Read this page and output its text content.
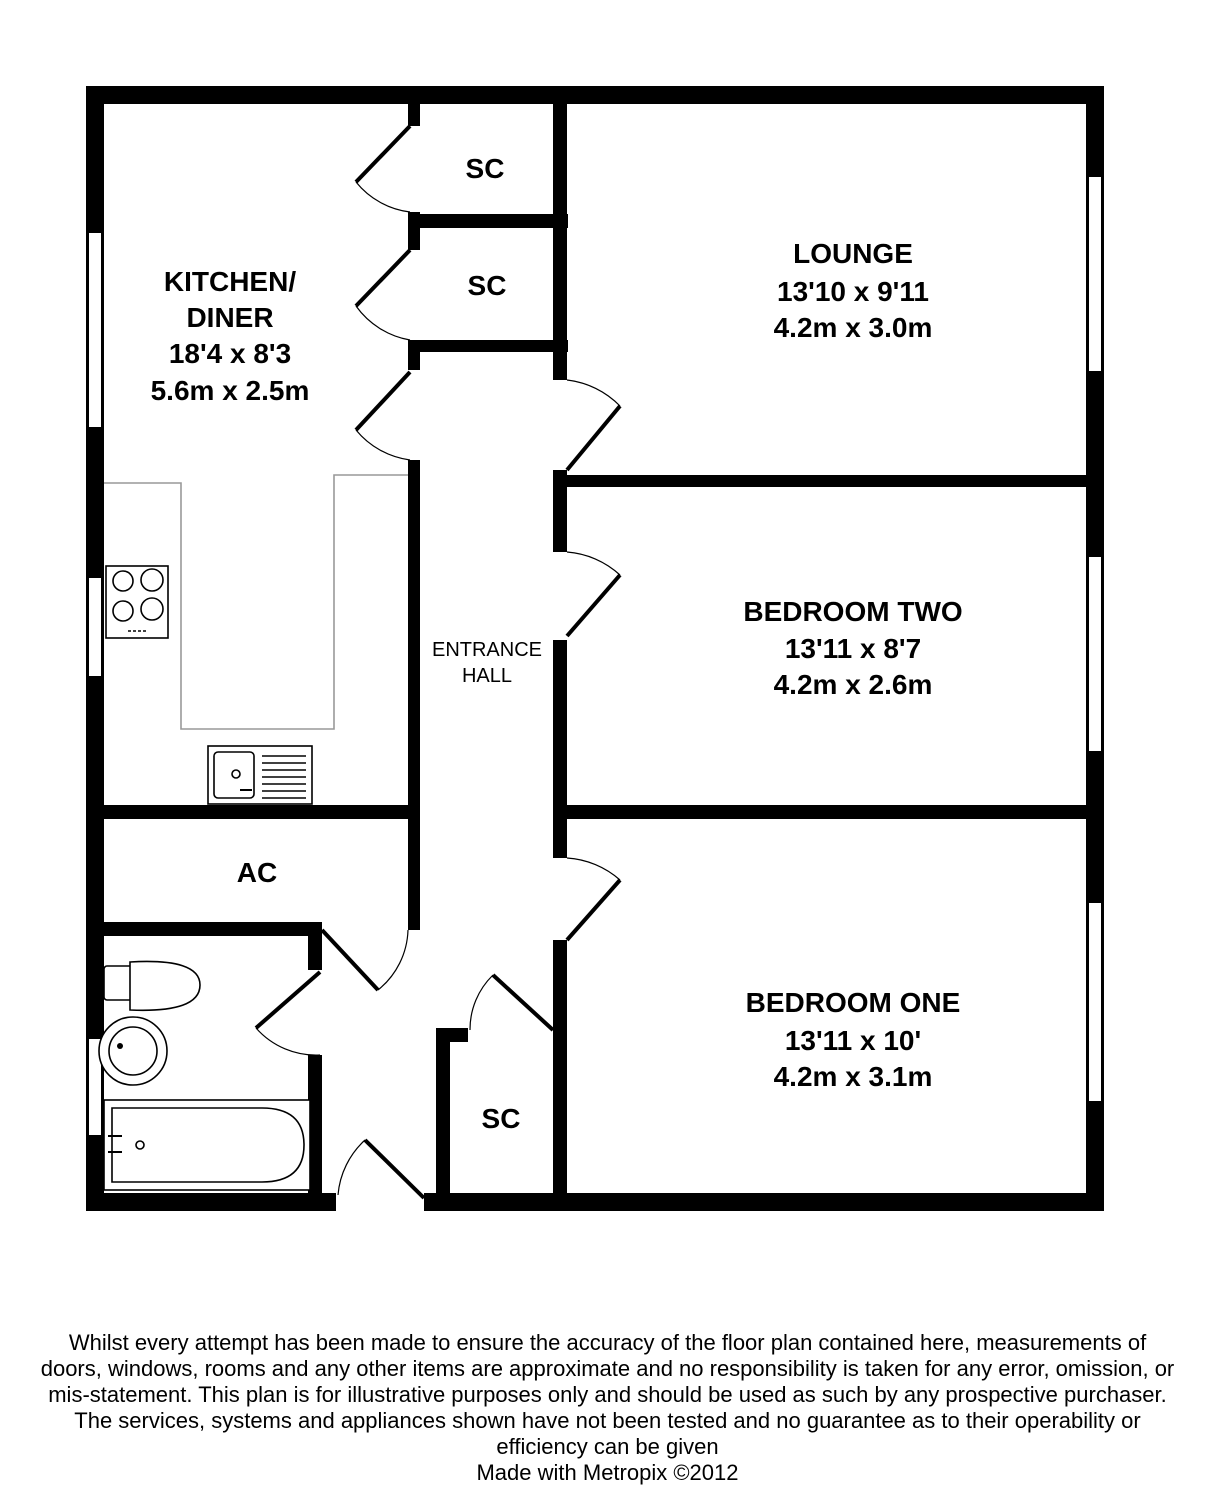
KITCHEN/
DINER
18'4 x 8'3
5.6m x 2.5m
SC
SC
SC
AC
LOUNGE
13'10 x 9'11
4.2m x 3.0m
BEDROOM TWO
13'11 x 8'7
4.2m x 2.6m
BEDROOM ONE
13'11 x 10'
4.2m x 3.1m
ENTRANCE
HALL

Whilst every attempt has been made to ensure the accuracy of the floor plan contained here, measurements of doors, windows, rooms and any other items are approximate and no responsibility is taken for any error, omission, or mis-statement. This plan is for illustrative purposes only and should be used as such by any prospective purchaser. The services, systems and appliances shown have not been tested and no guarantee as to their operability or efficiency can be given

Made with Metropix ©2012
